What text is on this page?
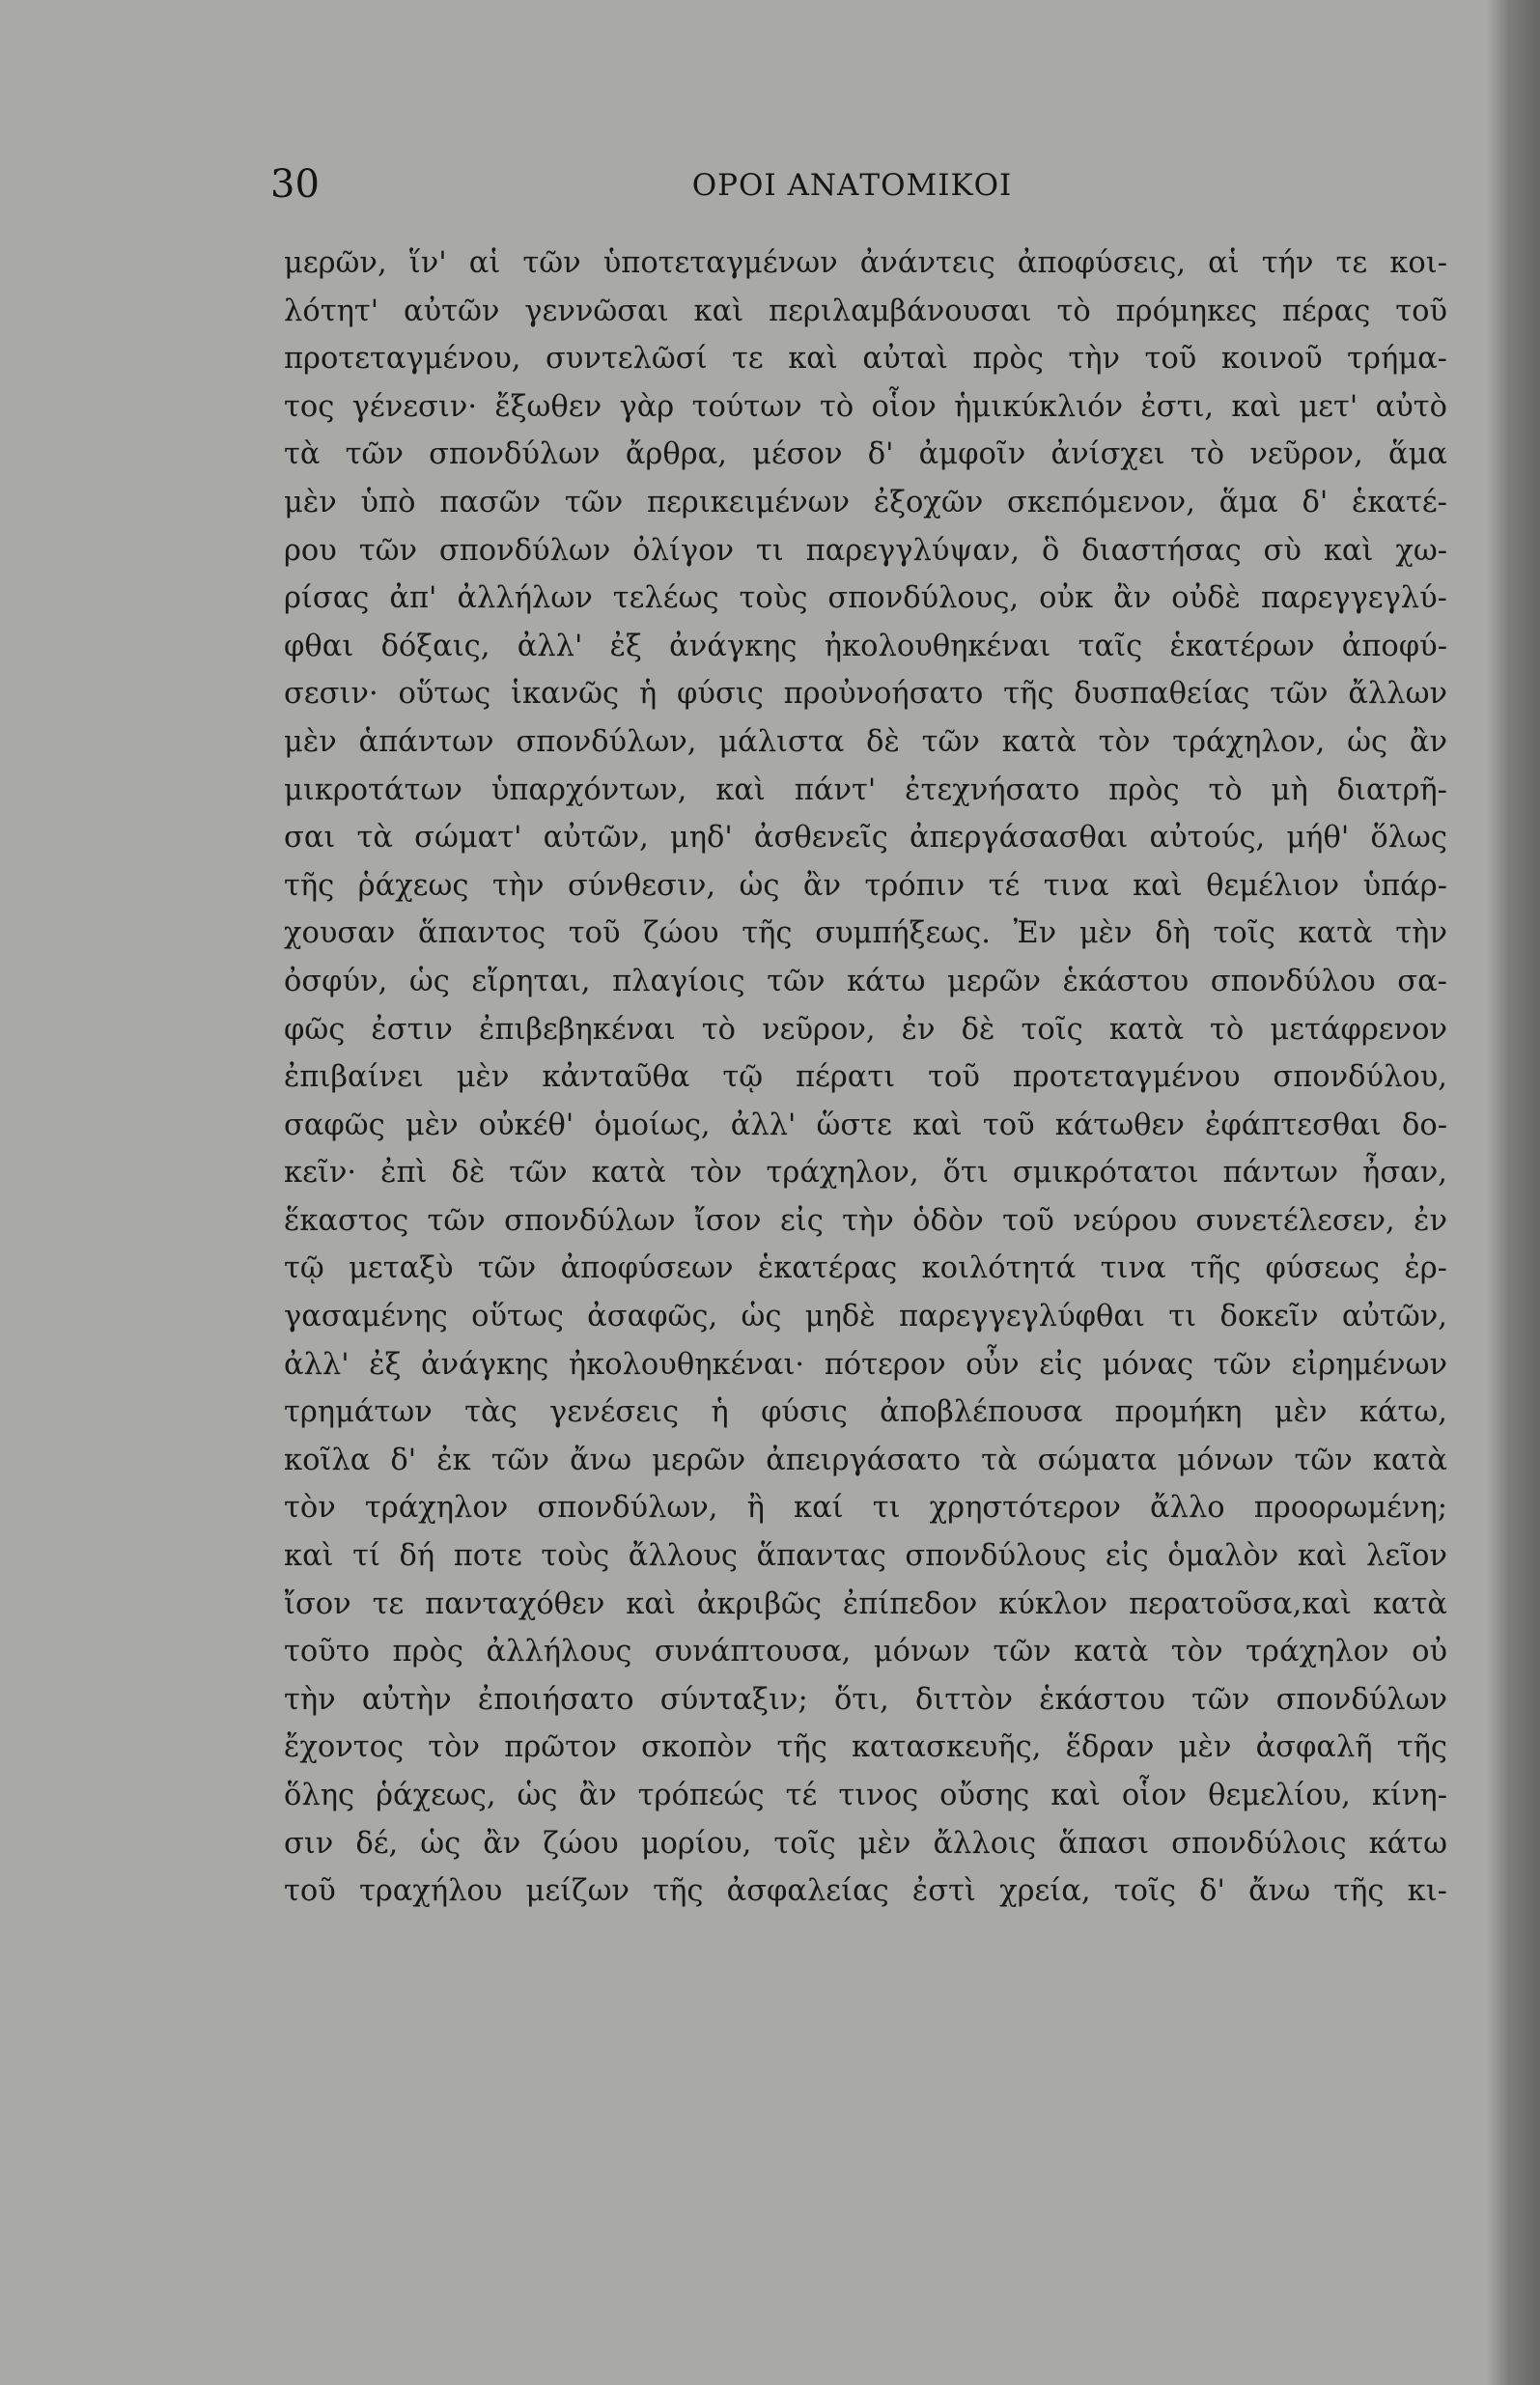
30	ΟΡΟΙ ΑΝΑΤΟΜΙΚΟΙ
μερῶν, ἵν' αἱ τῶν ὑποτεταγμένων ἀνάντεις ἀποφύσεις, αἱ τήν τε κοι-
λότητ' αὐτῶν γεννῶσαι καὶ περιλαμβάνουσαι τὸ πρόμηκες πέρας τοῦ
προτεταγμένου, συντελῶσί τε καὶ αὐταὶ πρὸς τὴν τοῦ κοινοῦ τρήμα-
τος γένεσιν· ἔξωθεν γὰρ τούτων τὸ οἷον ἡμικύκλιόν ἐστι, καὶ μετ' αὐτὸ
τὰ τῶν σπονδύλων ἄρθρα, μέσον δ' ἀμφοῖν ἀνίσχει τὸ νεῦρον, ἅμα
μὲν ὑπὸ πασῶν τῶν περικειμένων ἐξοχῶν σκεπόμενον, ἅμα δ' ἑκατέ-
ρου τῶν σπονδύλων ὀλίγον τι παρεγγλύψαν, ὃ διαστήσας σὺ καὶ χω-
ρίσας ἀπ' ἀλλήλων τελέως τοὺς σπονδύλους, οὐκ ἂν οὐδὲ παρεγγεγλύ-
φθαι δόξαις, ἀλλ' ἐξ ἀνάγκης ἠκολουθηκέναι ταῖς ἑκατέρων ἀποφύ-
σεσιν· οὕτως ἱκανῶς ἡ φύσις προὐνοήσατο τῆς δυσπαθείας τῶν ἄλλων
μὲν ἁπάντων σπονδύλων, μάλιστα δὲ τῶν κατὰ τὸν τράχηλον, ὡς ἂν
μικροτάτων ὑπαρχόντων, καὶ πάντ' ἐτεχνήσατο πρὸς τὸ μὴ διατρῆ-
σαι τὰ σώματ' αὐτῶν, μηδ' ἀσθενεῖς ἀπεργάσασθαι αὐτούς, μήθ' ὅλως
τῆς ῥάχεως τὴν σύνθεσιν, ὡς ἂν τρόπιν τέ τινα καὶ θεμέλιον ὑπάρ-
χουσαν ἅπαντος τοῦ ζώου τῆς συμπήξεως. Ἐν μὲν δὴ τοῖς κατὰ τὴν
ὀσφύν, ὡς εἴρηται, πλαγίοις τῶν κάτω μερῶν ἑκάστου σπονδύλου σα-
φῶς ἐστιν ἐπιβεβηκέναι τὸ νεῦρον, ἐν δὲ τοῖς κατὰ τὸ μετάφρενον
ἐπιβαίνει μὲν κἀνταῦθα τῷ πέρατι τοῦ προτεταγμένου σπονδύλου,
σαφῶς μὲν οὐκέθ' ὁμοίως, ἀλλ' ὥστε καὶ τοῦ κάτωθεν ἐφάπτεσθαι δο-
κεῖν· ἐπὶ δὲ τῶν κατὰ τὸν τράχηλον, ὅτι σμικρότατοι πάντων ἦσαν,
ἕκαστος τῶν σπονδύλων ἴσον εἰς τὴν ὁδὸν τοῦ νεύρου συνετέλεσεν, ἐν
τῷ μεταξὺ τῶν ἀποφύσεων ἑκατέρας κοιλότητά τινα τῆς φύσεως ἐρ-
γασαμένης οὕτως ἀσαφῶς, ὡς μηδὲ παρεγγεγλύφθαι τι δοκεῖν αὐτῶν,
ἀλλ' ἐξ ἀνάγκης ἠκολουθηκέναι· πότερον οὖν εἰς μόνας τῶν εἰρημένων
τρημάτων τὰς γενέσεις ἡ φύσις ἀποβλέπουσα προμήκη μὲν κάτω,
κοῖλα δ' ἐκ τῶν ἄνω μερῶν ἀπειργάσατο τὰ σώματα μόνων τῶν κατὰ
τὸν τράχηλον σπονδύλων, ἢ καί τι χρηστότερον ἄλλο προορωμένη;
καὶ τί δή ποτε τοὺς ἄλλους ἅπαντας σπονδύλους εἰς ὁμαλὸν καὶ λεῖον
ἴσον τε πανταχόθεν καὶ ἀκριβῶς ἐπίπεδον κύκλον περατοῦσα,καὶ κατὰ
τοῦτο πρὸς ἀλλήλους συνάπτουσα, μόνων τῶν κατὰ τὸν τράχηλον οὐ
τὴν αὐτὴν ἐποιήσατο σύνταξιν; ὅτι, διττὸν ἑκάστου τῶν σπονδύλων
ἔχοντος τὸν πρῶτον σκοπὸν τῆς κατασκευῆς, ἕδραν μὲν ἀσφαλῆ τῆς
ὅλης ῥάχεως, ὡς ἂν τρόπεώς τέ τινος οὔσης καὶ οἷον θεμελίου, κίνη-
σιν δέ, ὡς ἂν ζώου μορίου, τοῖς μὲν ἄλλοις ἅπασι σπονδύλοις κάτω
τοῦ τραχήλου μείζων τῆς ἀσφαλείας ἐστὶ χρεία, τοῖς δ' ἄνω τῆς κι-
